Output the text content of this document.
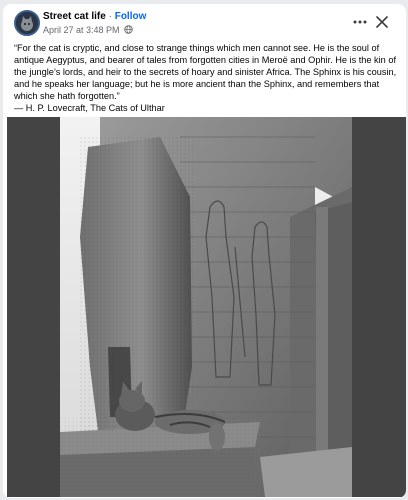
Street cat life · Follow
April 27 at 3:48 PM

“For the cat is cryptic, and close to strange things which men cannot see. He is the soul of antique Aegyptus, and bearer of tales from forgotten cities in Meroë and Ophir. He is the kin of the jungle’s lords, and heir to the secrets of hoary and sinister Africa. The Sphinx is his cousin, and he speaks her language; but he is more ancient than the Sphinx, and remembers that which she hath forgotten.”

— H. P. Lovecraft, The Cats of Ulthar
